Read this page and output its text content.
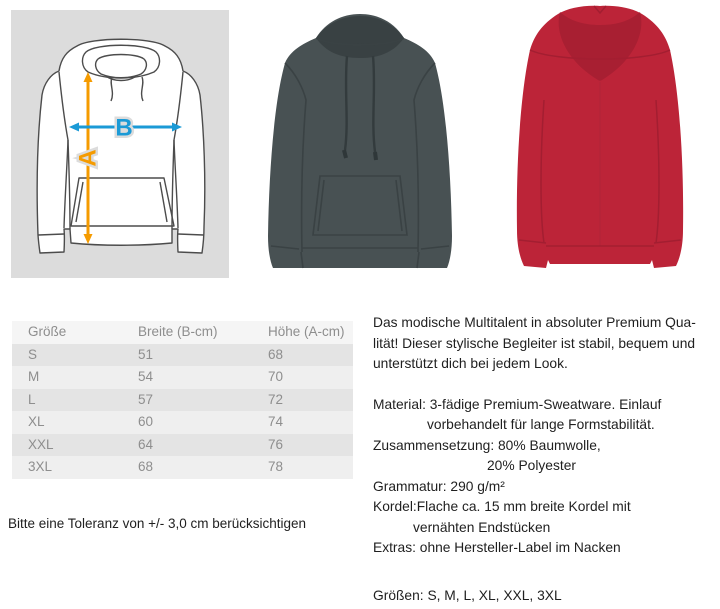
A
B
Größe	Breite (B-cm)	Höhe (A-cm)
S	51	68
M	54	70
L	57	72
XL	60	74
XXL	64	76
3XL	68	78
Bitte eine Toleranz von +/- 3,0 cm berücksichtigen
Das modische Multitalent in absoluter Premium Qua-
lität! Dieser stylische Begleiter ist stabil, bequem und
unterstützt dich bei jedem Look.
Material: 3-fädige Premium-Sweatware. Einlauf
vorbehandelt für lange Formstabilität.
Zusammensetzung: 80% Baumwolle,
20% Polyester
Grammatur: 290 g/m²
Kordel:Flache ca. 15 mm breite Kordel mit
vernähten Endstücken
Extras: ohne Hersteller-Label im Nacken
Größen: S, M, L, XL, XXL, 3XL
